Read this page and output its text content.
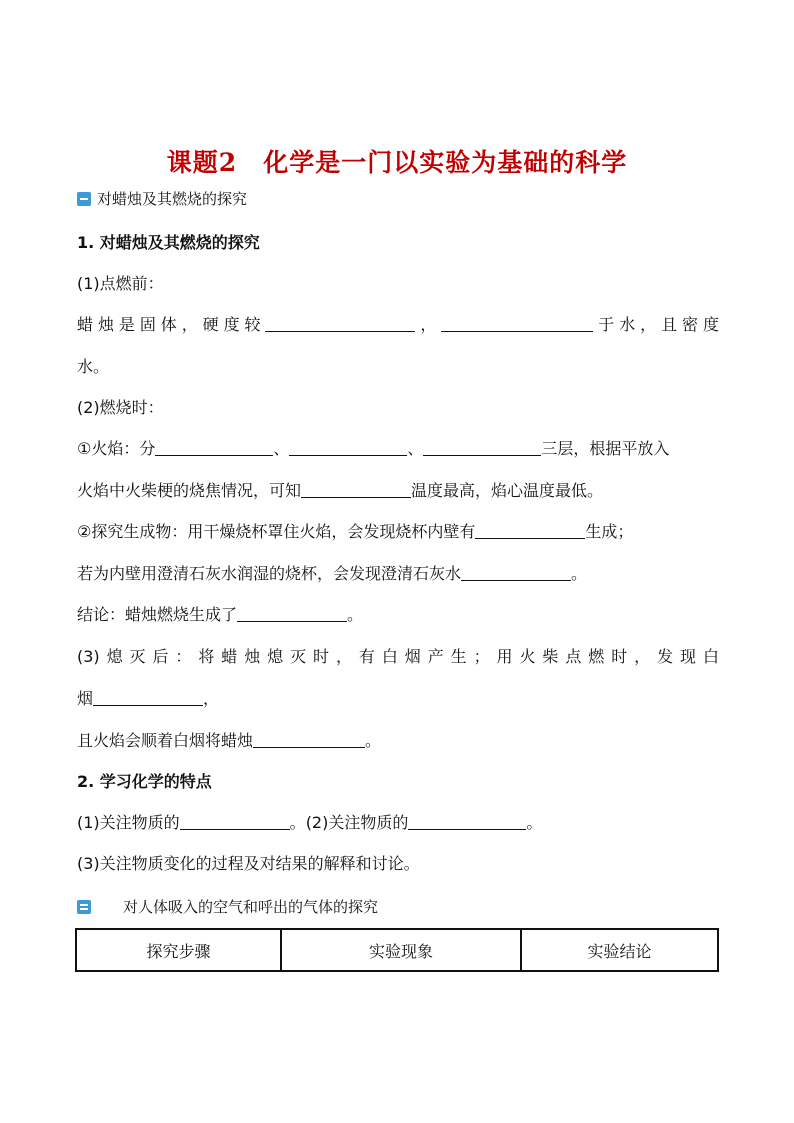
课题2　化学是一门以实验为基础的科学
对蜡烛及其燃烧的探究
1. 对蜡烛及其燃烧的探究
(1)点燃前：
蜡烛是固体，硬度较	，	于水，且密度
水。
(2)燃烧时：
①火焰：分	、	、	三层，根据平放入
火焰中火柴梗的烧焦情况，可知	温度最高，焰心温度最低。
②探究生成物：用干燥烧杯罩住火焰，会发现烧杯内壁有	生成；
若为内壁用澄清石灰水润湿的烧杯，会发现澄清石灰水	。
结论：蜡烛燃烧生成了	。
(3)熄灭后：将蜡烛熄灭时，有白烟产生；用火柴点燃时，发现白
烟	，
且火焰会顺着白烟将蜡烛	。
2. 学习化学的特点
(1)关注物质的	。(2)关注物质的	。
(3)关注物质变化的过程及对结果的解释和讨论。
对人体吸入的空气和呼出的气体的探究
探究步骤	实验现象	实验结论
